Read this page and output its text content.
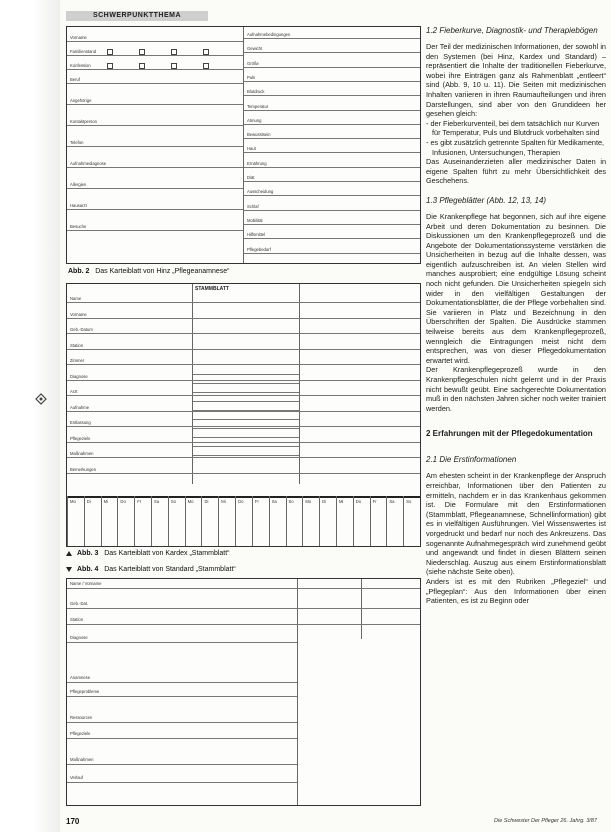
SCHWERPUNKTTHEMA
Vorname
Familienstand
Konfession
Beruf
Angehörige
Kontaktperson
Telefon
Aufnahmediagnose
Allergien
Hausarzt
Besuche
Aufnahmebedingungen
Gewicht
Größe
Puls
Blutdruck
Temperatur
Atmung
Bewusstsein
Haut
Ernährung
Diät
Ausscheidung
Schlaf
Mobilität
Hilfsmittel
Pflegebedarf
Abb. 2 Das Karteiblatt von Hinz „Pflegeanamnese“
STAMMBLATT
Name
Vorname
Geb.-Datum
Station
Zimmer
Diagnose
Arzt
Aufnahme
Entlassung
Pflegeziele
Maßnahmen
Bemerkungen
Mo	Di	Mi	Do	Fr	Sa	So	Mo	Di	Mi	Do	Fr	Sa	So	Mo	Di	Mi	Do	Fr	Sa	So
Abb. 3 Das Karteiblatt von Kardex „Stammblatt“
Abb. 4 Das Karteiblatt von Standard „Stammblatt“
Name / Vorname
Geb.-Dat.
Station
Diagnose
Anamnese
Pflegeprobleme
Ressourcen
Pflegeziele
Maßnahmen
Verlauf
1.2 Fieberkurve, Diagnostik- und Therapiebögen

Der Teil der medizinischen Informationen, der sowohl in den Systemen (bei Hinz, Kardex und Standard) – repräsentiert die Inhalte der traditionellen Fieberkurve, wobei ihre Einträgen ganz als Rahmenblatt „entleert“ sind (Abb. 9, 10 u. 11). Die Seiten mit medizinischen Inhalten variieren in ihren Raumaufteilungen und ihren Darstellungen, sind aber von den Grundideen her gesehen gleich:

- der Fieberkurventeil, bei dem tatsächlich nur Kurven für Temperatur, Puls und Blutdruck vorbehalten sind
- es gibt zusätzlich getrennte Spalten für Medikamente, Infusionen, Untersuchungen, Therapien

Das Auseinanderzieten aller medizinischer Daten in eigene Spalten führt zu mehr Übersichtlichkeit des Geschehens.

1.3 Pflegeblätter (Abb. 12, 13, 14)

Die Krankenpflege hat begonnen, sich auf ihre eigene Arbeit und deren Dokumentation zu besinnen. Die Diskussionen um den Krankenpflegeprozeß und die Angebote der Dokumentationssysteme verstärken die Unsicherheiten in bezug auf die Inhalte dessen, was eigentlich aufzuschreiben ist. An vielen Stellen wird manches ausprobiert; eine endgültige Lösung scheint noch nicht gefunden. Die Unsicherheiten spiegeln sich wider in den vielfältigen Gestaltungen der Dokumentationsblätter, die der Pflege vorbehalten sind. Sie variieren in Platz und Bezeichnung in den Überschriften der Spalten. Die Ausdrücke stammen teilweise bereits aus dem Krankenpflegeprozeß, wenngleich die Eintragungen meist nicht dem entsprechen, was von dieser Pflegedokumentation erwartet wird.

Der Krankenpflegeprozeß wurde in den Krankenpflegeschulen nicht gelernt und in der Praxis nicht bewußt geübt. Eine sachgerechte Dokumentation muß in den nächsten Jahren sicher noch weiter trainiert werden.

2 Erfahrungen mit der Pflegedokumentation
2.1 Die Erstinformationen

Am ehesten scheint in der Krankenpflege der Anspruch erreichbar, Informationen über den Patienten zu ermitteln, nachdem er in das Krankenhaus gekommen ist. Die Formulare mit den Erstinformationen (Stammblatt, Pflegeanamnese, Schnellinformation) gibt es in vielfältigen Ausführungen. Viel Wissenswertes ist vorgedruckt und bedarf nur noch des Ankreuzens. Das sogenannte Aufnahmegespräch wird zunehmend geübt und angewandt und findet in diesen Blättern seinen Niederschlag. Auszug aus einem Erstinformationsblatt (siehe nächste Seite oben).

Anders ist es mit den Rubriken „Pflegeziel“ und „Pflegeplan“: Aus den Informationen über einen Patienten, es ist zu Beginn oder

170	Die Schwester Der Pfleger 26. Jahrg. 3/87
